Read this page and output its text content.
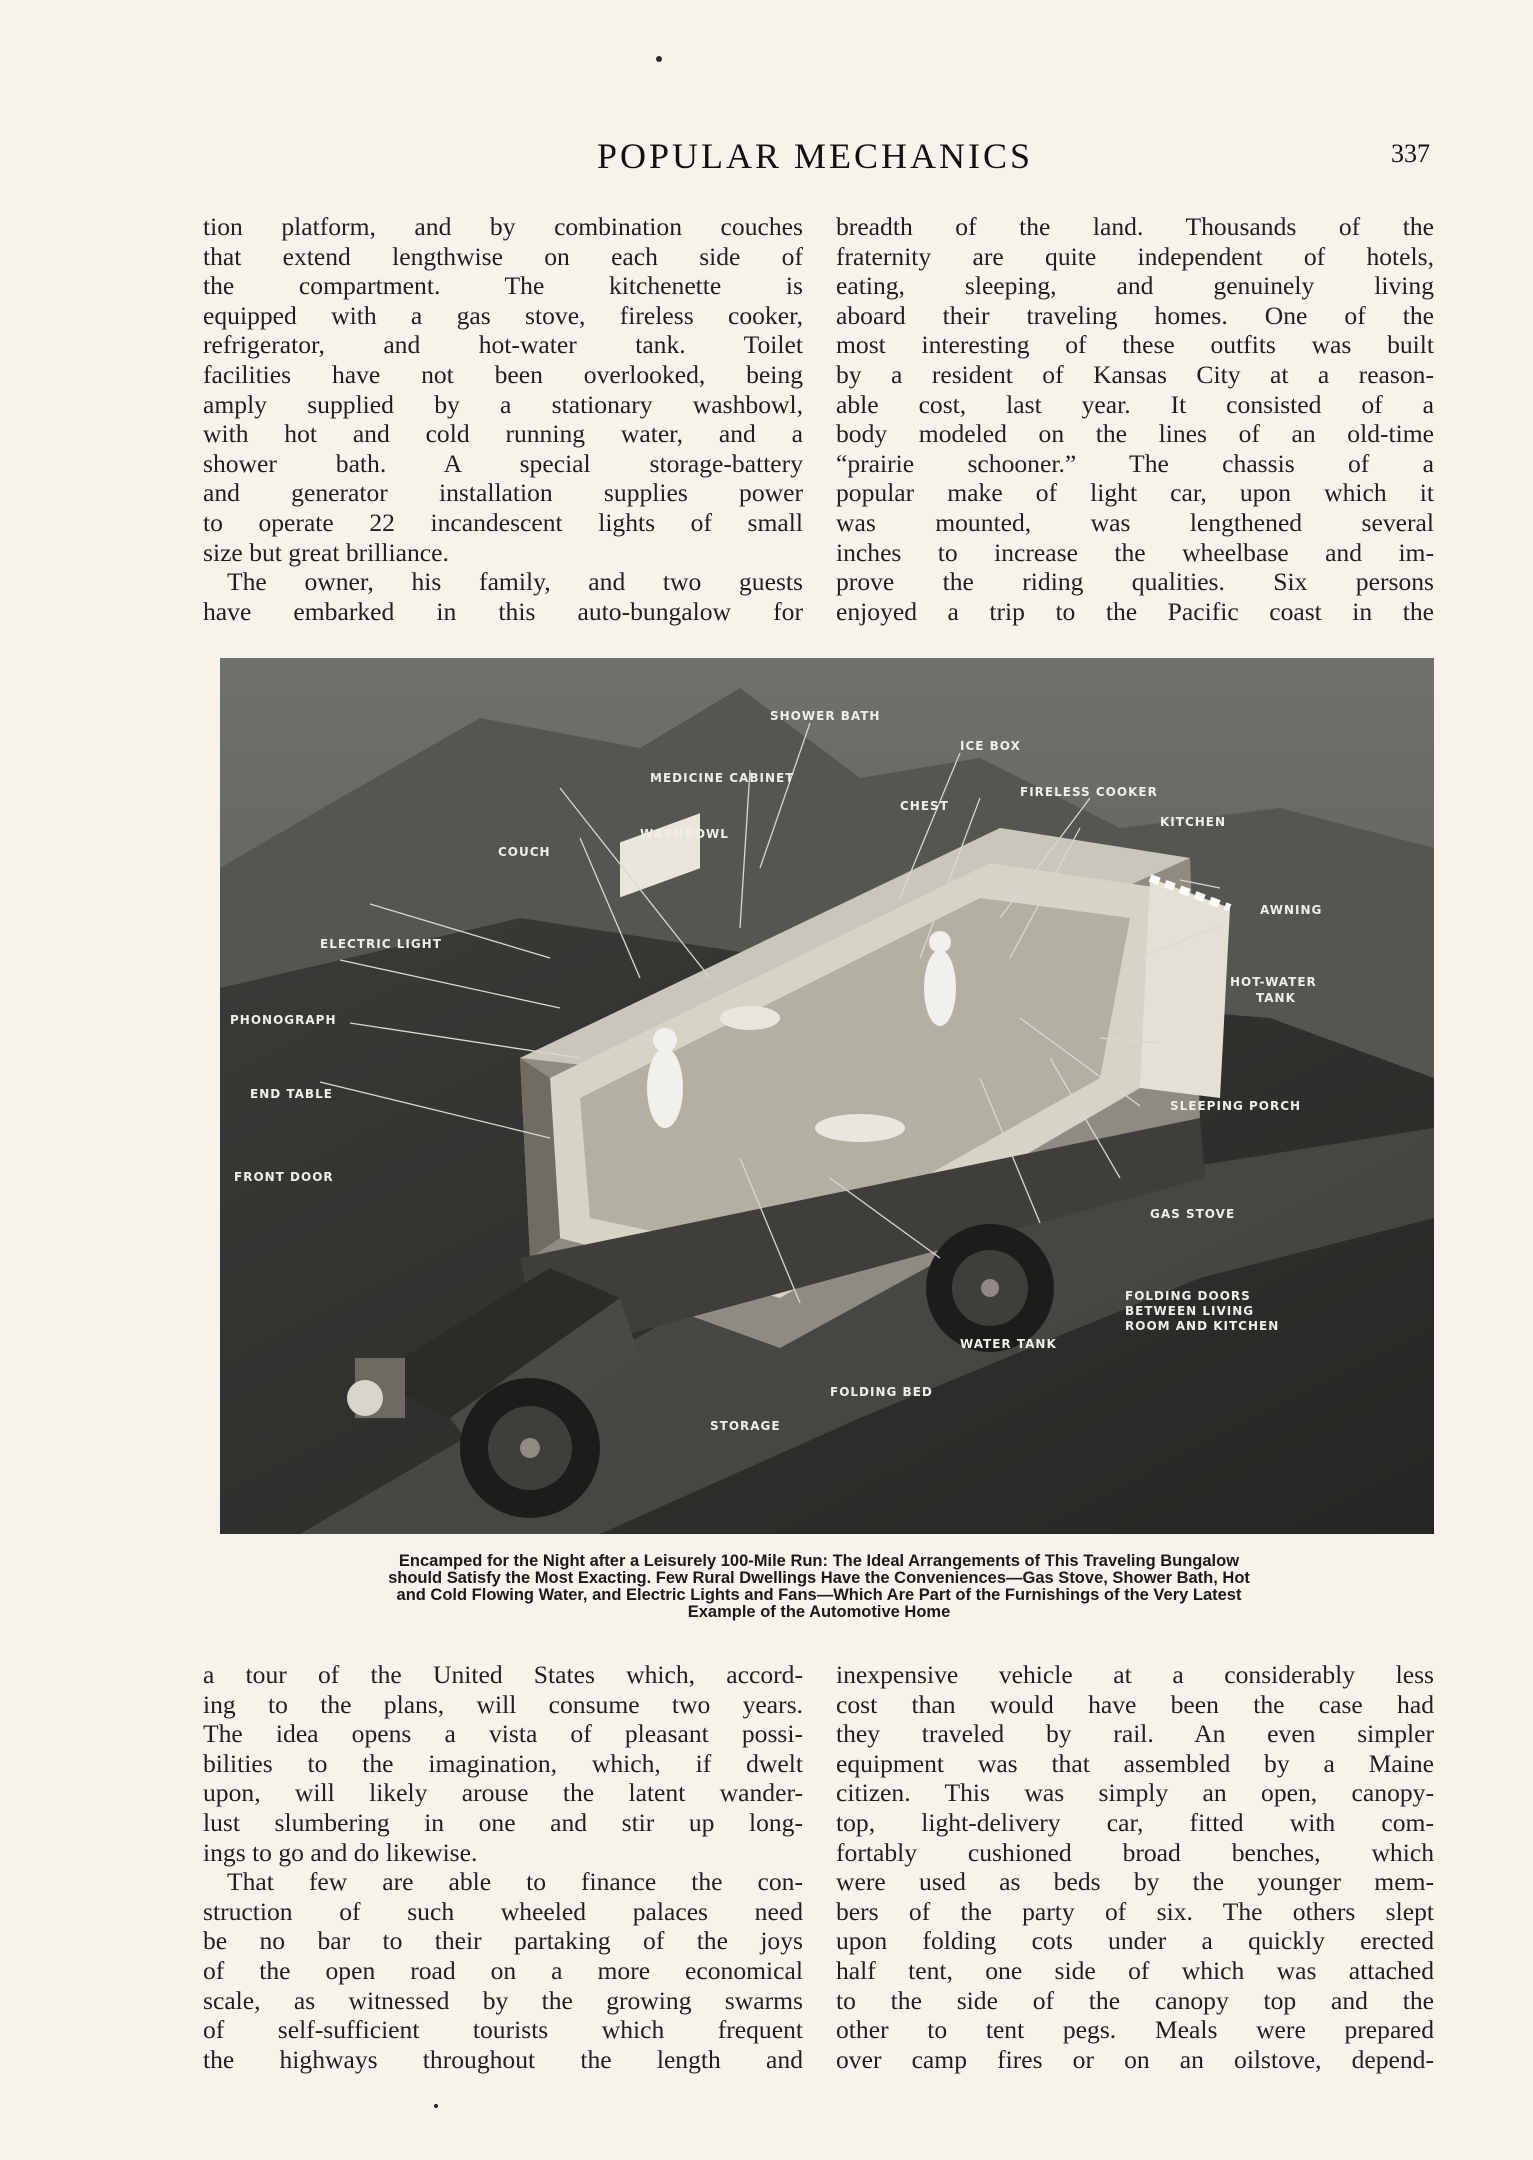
POPULAR MECHANICS	337
tion platform, and by combination couches
that extend lengthwise on each side of
the compartment. The kitchenette is
equipped with a gas stove, fireless cooker,
refrigerator, and hot-water tank. Toilet
facilities have not been overlooked, being
amply supplied by a stationary washbowl,
with hot and cold running water, and a
shower bath. A special storage-battery
and generator installation supplies power
to operate 22 incandescent lights of small
size but great brilliance.
The owner, his family, and two guests
have embarked in this auto-bungalow for
breadth of the land. Thousands of the
fraternity are quite independent of hotels,
eating, sleeping, and genuinely living
aboard their traveling homes. One of the
most interesting of these outfits was built
by a resident of Kansas City at a reason-
able cost, last year. It consisted of a
body modeled on the lines of an old-time
“prairie schooner.” The chassis of a
popular make of light car, upon which it
was mounted, was lengthened several
inches to increase the wheelbase and im-
prove the riding qualities. Six persons
enjoyed a trip to the Pacific coast in the
SHOWER BATH
ICE BOX
MEDICINE CABINET
CHEST
FIRELESS COOKER
KITCHEN
WASHBOWL
COUCH
AWNING
ELECTRIC LIGHT
HOT-WATER
TANK
PHONOGRAPH
END TABLE
SLEEPING PORCH
FRONT DOOR
GAS STOVE
FOLDING DOORS
BETWEEN LIVING
ROOM AND KITCHEN
WATER TANK
FOLDING BED
STORAGE
Encamped for the Night after a Leisurely 100-Mile Run: The Ideal Arrangements of This Traveling Bungalow
should Satisfy the Most Exacting. Few Rural Dwellings Have the Conveniences—Gas Stove, Shower Bath, Hot
and Cold Flowing Water, and Electric Lights and Fans—Which Are Part of the Furnishings of the Very Latest
Example of the Automotive Home
a tour of the United States which, accord-
ing to the plans, will consume two years.
The idea opens a vista of pleasant possi-
bilities to the imagination, which, if dwelt
upon, will likely arouse the latent wander-
lust slumbering in one and stir up long-
ings to go and do likewise.
That few are able to finance the con-
struction of such wheeled palaces need
be no bar to their partaking of the joys
of the open road on a more economical
scale, as witnessed by the growing swarms
of self-sufficient tourists which frequent
the highways throughout the length and
inexpensive vehicle at a considerably less
cost than would have been the case had
they traveled by rail. An even simpler
equipment was that assembled by a Maine
citizen. This was simply an open, canopy-
top, light-delivery car, fitted with com-
fortably cushioned broad benches, which
were used as beds by the younger mem-
bers of the party of six. The others slept
upon folding cots under a quickly erected
half tent, one side of which was attached
to the side of the canopy top and the
other to tent pegs. Meals were prepared
over camp fires or on an oilstove, depend-
